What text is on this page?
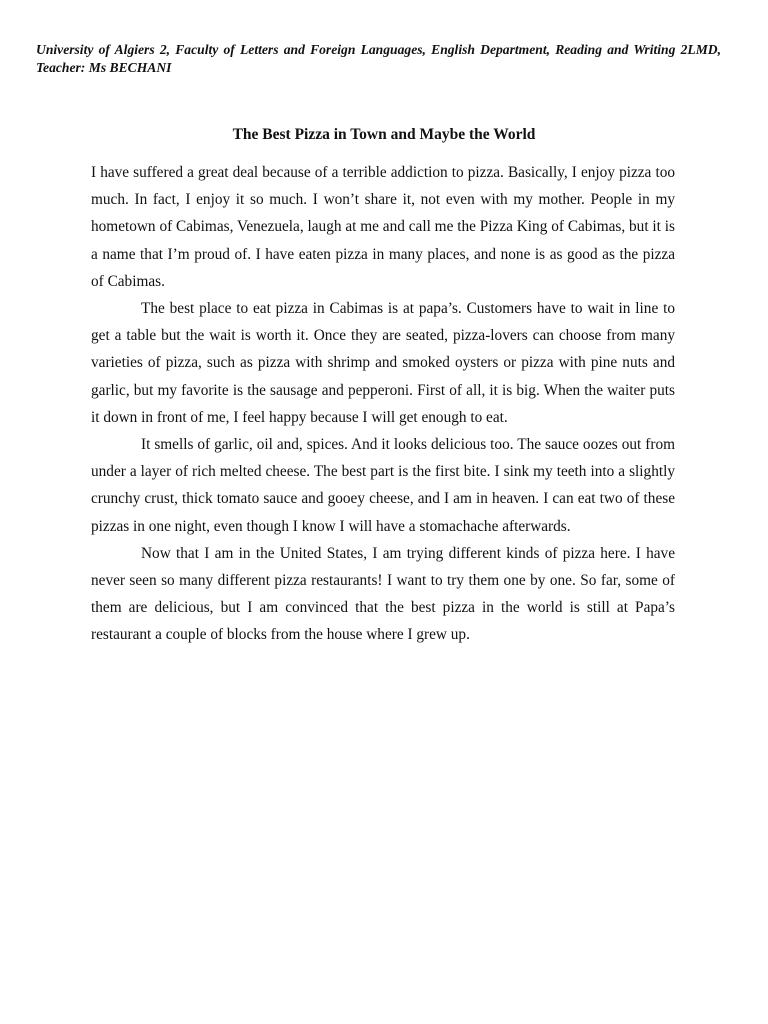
University of Algiers 2, Faculty of Letters and Foreign Languages, English Department, Reading and Writing 2LMD, Teacher: Ms BECHANI
The Best Pizza in Town and Maybe the World

I have suffered a great deal because of a terrible addiction to pizza. Basically, I enjoy pizza too much. In fact, I enjoy it so much. I won’t share it, not even with my mother. People in my hometown of Cabimas, Venezuela, laugh at me and call me the Pizza King of Cabimas, but it is a name that I’m proud of. I have eaten pizza in many places, and none is as good as the pizza of Cabimas.

The best place to eat pizza in Cabimas is at papa’s. Customers have to wait in line to get a table but the wait is worth it. Once they are seated, pizza-lovers can choose from many varieties of pizza, such as pizza with shrimp and smoked oysters or pizza with pine nuts and garlic, but my favorite is the sausage and pepperoni. First of all, it is big. When the waiter puts it down in front of me, I feel happy because I will get enough to eat.

It smells of garlic, oil and, spices. And it looks delicious too. The sauce oozes out from under a layer of rich melted cheese. The best part is the first bite. I sink my teeth into a slightly crunchy crust, thick tomato sauce and gooey cheese, and I am in heaven. I can eat two of these pizzas in one night, even though I know I will have a stomachache afterwards.

Now that I am in the United States, I am trying different kinds of pizza here. I have never seen so many different pizza restaurants! I want to try them one by one. So far, some of them are delicious, but I am convinced that the best pizza in the world is still at Papa’s restaurant a couple of blocks from the house where I grew up.
